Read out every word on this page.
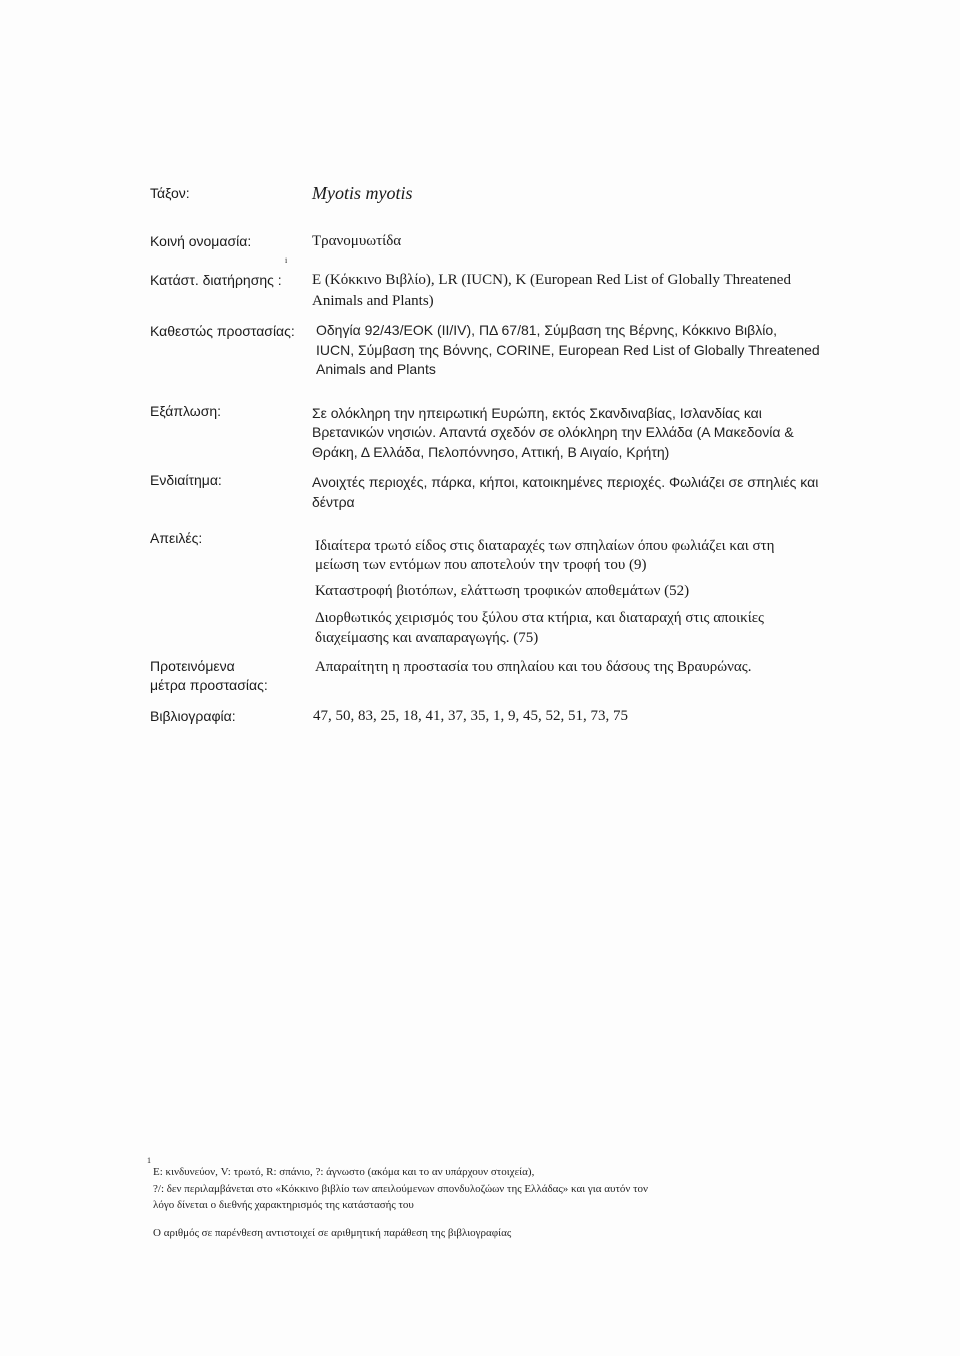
Τάξον:	Myotis myotis
Κοινή ονομασία:	Τρανομυωτίδα
i
Κατάστ. διατήρησης : Ε (Κόκκινο Βιβλίο), LR (IUCN), Κ (European Red List of Globally Threatened
Animals and Plants)
Καθεστώς προστασίας: Οδηγία 92/43/ΕΟΚ (II/IV), ΠΔ 67/81, Σύμβαση της Βέρνης, Κόκκινο Βιβλίο,
IUCN, Σύμβαση της Βόννης, CORINE, European Red List of Globally Threatened
Animals and Plants
Εξάπλωση:	Σε ολόκληρη την ηπειρωτική Ευρώπη, εκτός Σκανδιναβίας, Ισλανδίας και
Βρετανικών νησιών. Απαντά σχεδόν σε ολόκληρη την Ελλάδα (Α Μακεδονία &
Θράκη, Δ Ελλάδα, Πελοπόννησο, Αττική, Β Αιγαίο, Κρήτη)
Ενδιαίτημα:	Ανοιχτές περιοχές, πάρκα, κήποι, κατοικημένες περιοχές. Φωλιάζει σε σπηλιές και
δέντρα
Απειλές:	Ιδιαίτερα τρωτό είδος στις διαταραχές των σπηλαίων όπου φωλιάζει και στη
μείωση των εντόμων που αποτελούν την τροφή του (9)
Καταστροφή βιοτόπων, ελάττωση τροφικών αποθεμάτων (52)
Διορθωτικός χειρισμός του ξύλου στα κτήρια, και διαταραχή στις αποικίες
διαχείμασης και αναπαραγωγής. (75)
Προτεινόμενα
μέτρα προστασίας:
Απαραίτητη η προστασία του σπηλαίου και του δάσους της Βραυρώνας.
Βιβλιογραφία:	47, 50, 83, 25, 18, 41, 37, 35, 1, 9, 45, 52, 51, 73, 75
1
Ε: κινδυνεύον, V: τρωτό, R: σπάνιο, ?: άγνωστο (ακόμα και το αν υπάρχουν στοιχεία),
?/: δεν περιλαμβάνεται στο «Κόκκινο βιβλίο των απειλούμενων σπονδυλοζώων της Ελλάδας» και για αυτόν τον
λόγο δίνεται ο διεθνής χαρακτηρισμός της κατάστασής του
Ο αριθμός σε παρένθεση αντιστοιχεί σε αριθμητική παράθεση της βιβλιογραφίας
